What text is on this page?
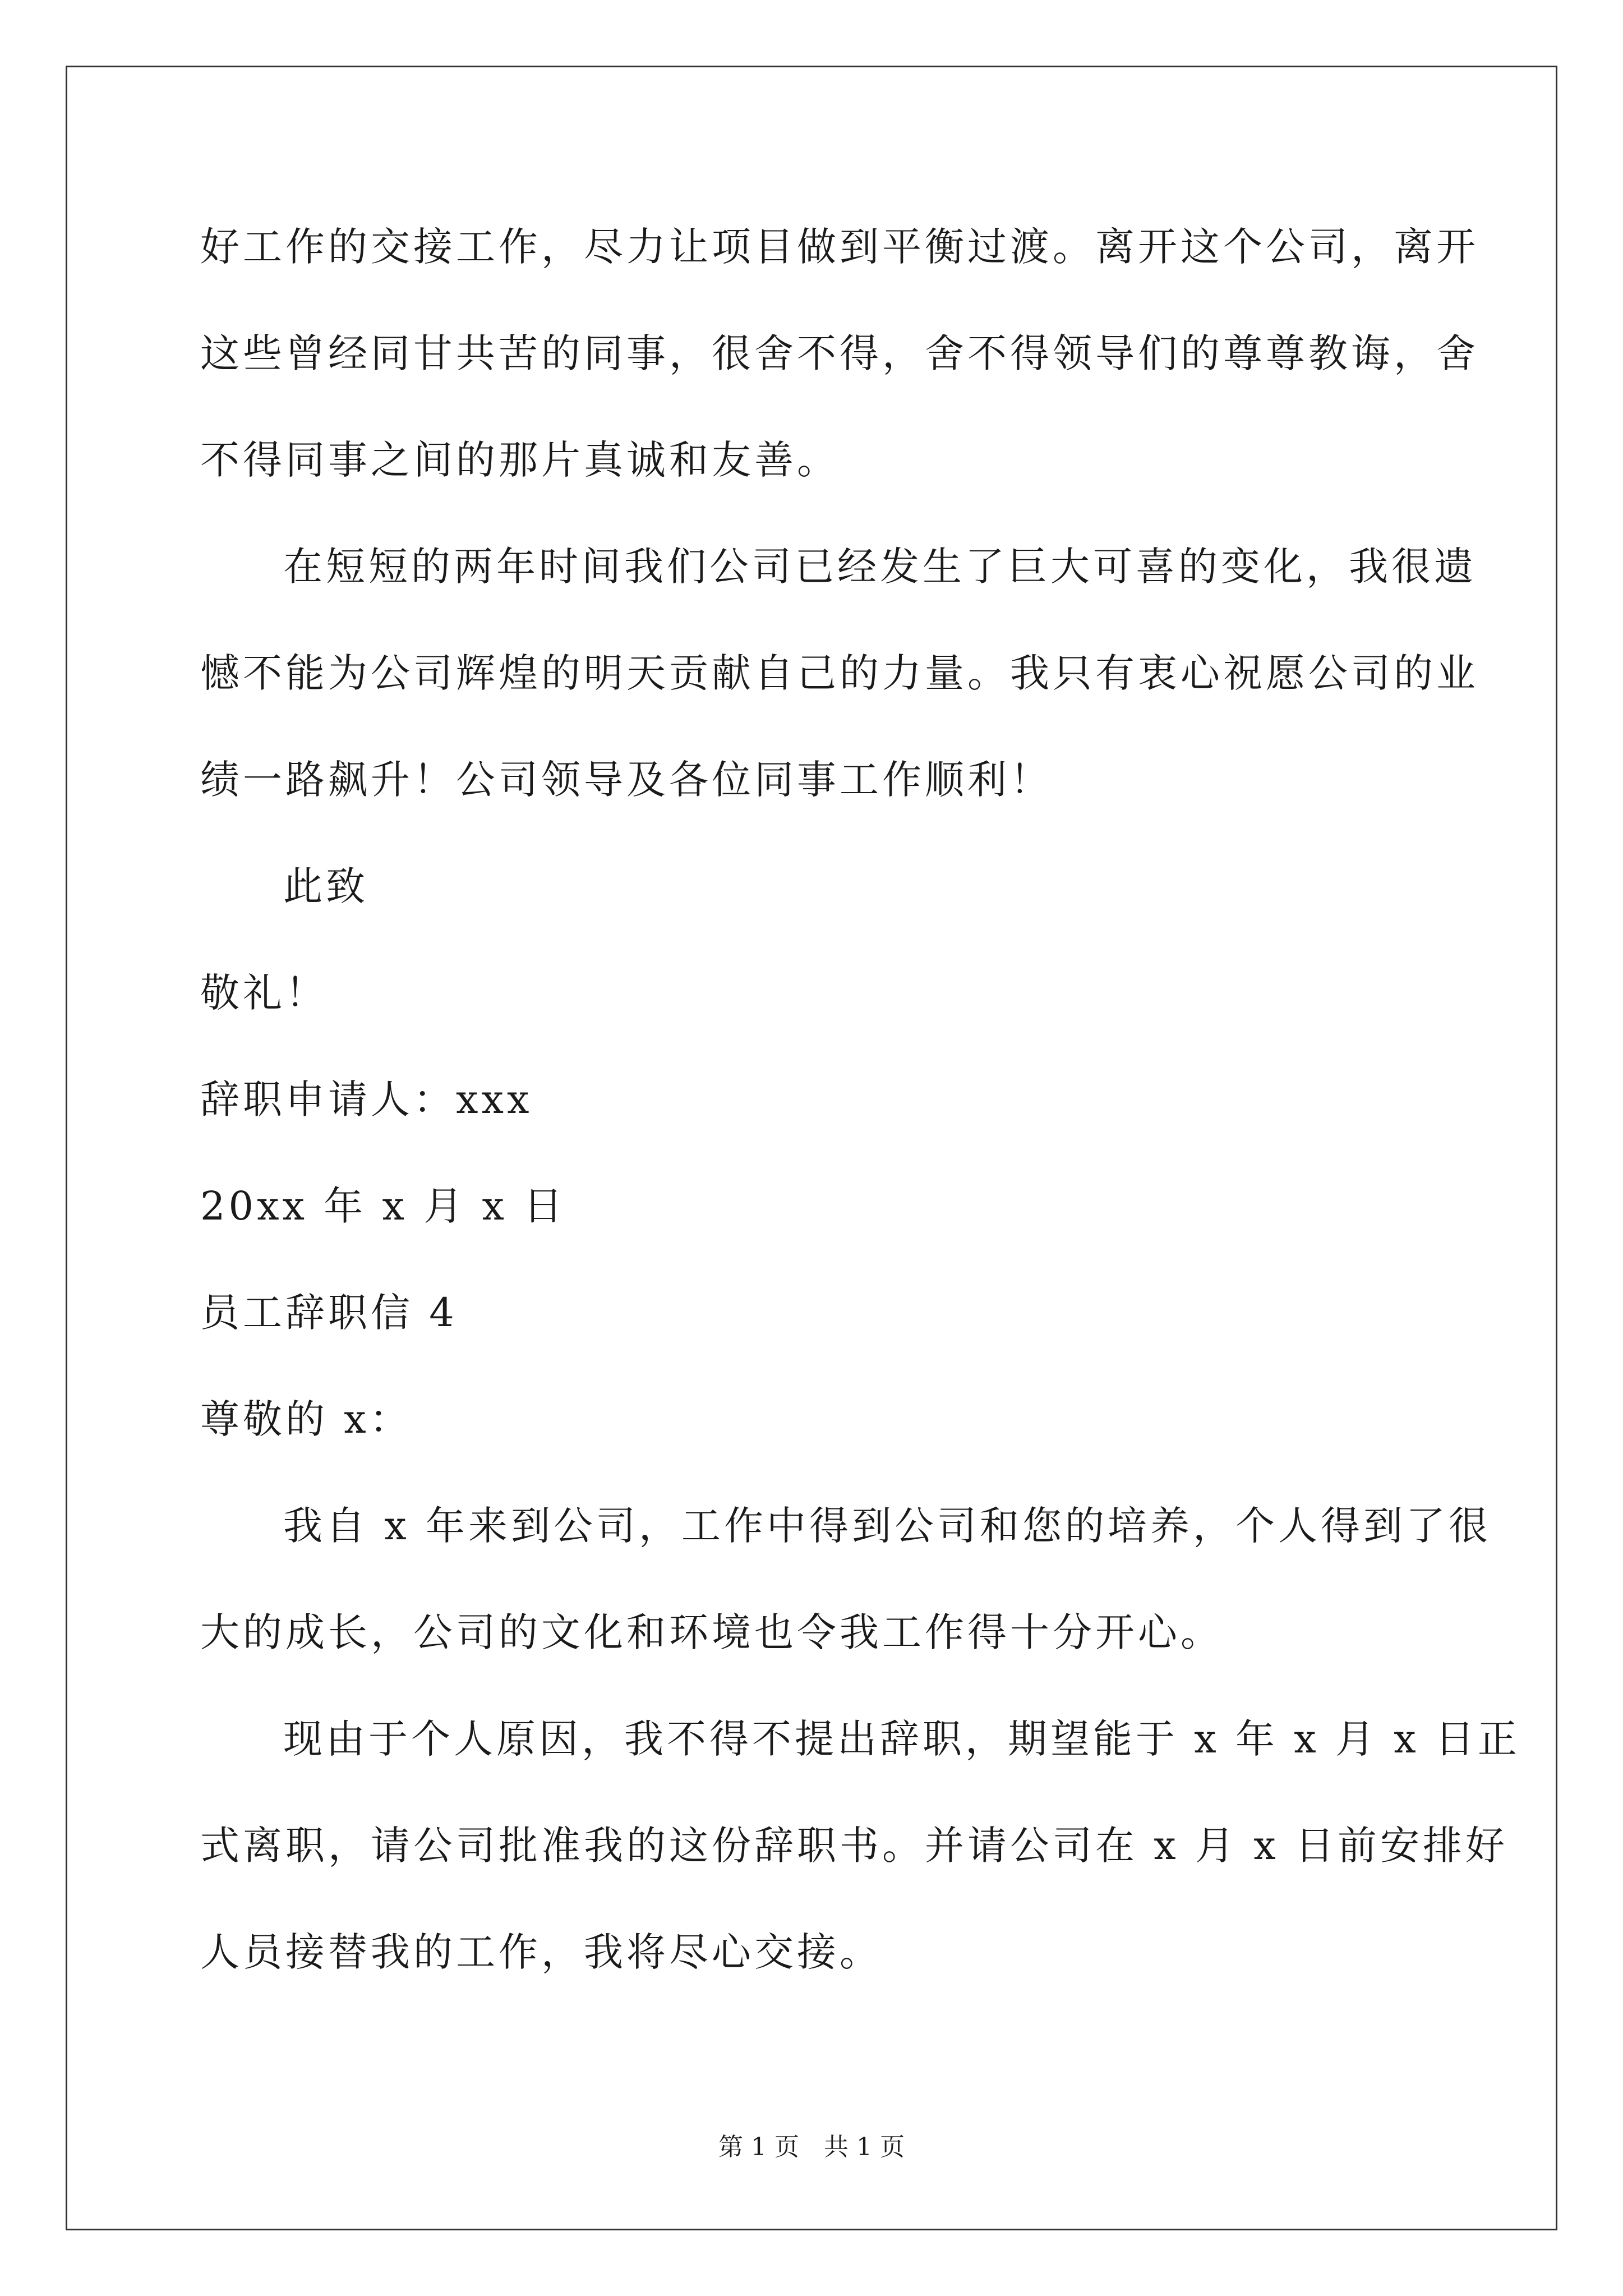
好工作的交接工作，尽力让项目做到平衡过渡。离开这个公司，离开
这些曾经同甘共苦的同事，很舍不得，舍不得领导们的尊尊教诲，舍
不得同事之间的那片真诚和友善。
在短短的两年时间我们公司已经发生了巨大可喜的变化，我很遗
憾不能为公司辉煌的明天贡献自己的力量。我只有衷心祝愿公司的业
绩一路飙升！公司领导及各位同事工作顺利！
此致
敬礼！
辞职申请人：xxx
20xx 年 x 月 x 日
员工辞职信 4
尊敬的 x：
我自 x 年来到公司，工作中得到公司和您的培养，个人得到了很
大的成长，公司的文化和环境也令我工作得十分开心。
现由于个人原因，我不得不提出辞职，期望能于 x 年 x 月 x 日正
式离职，请公司批准我的这份辞职书。并请公司在 x 月 x 日前安排好
人员接替我的工作，我将尽心交接。
第 1 页　共 1 页
